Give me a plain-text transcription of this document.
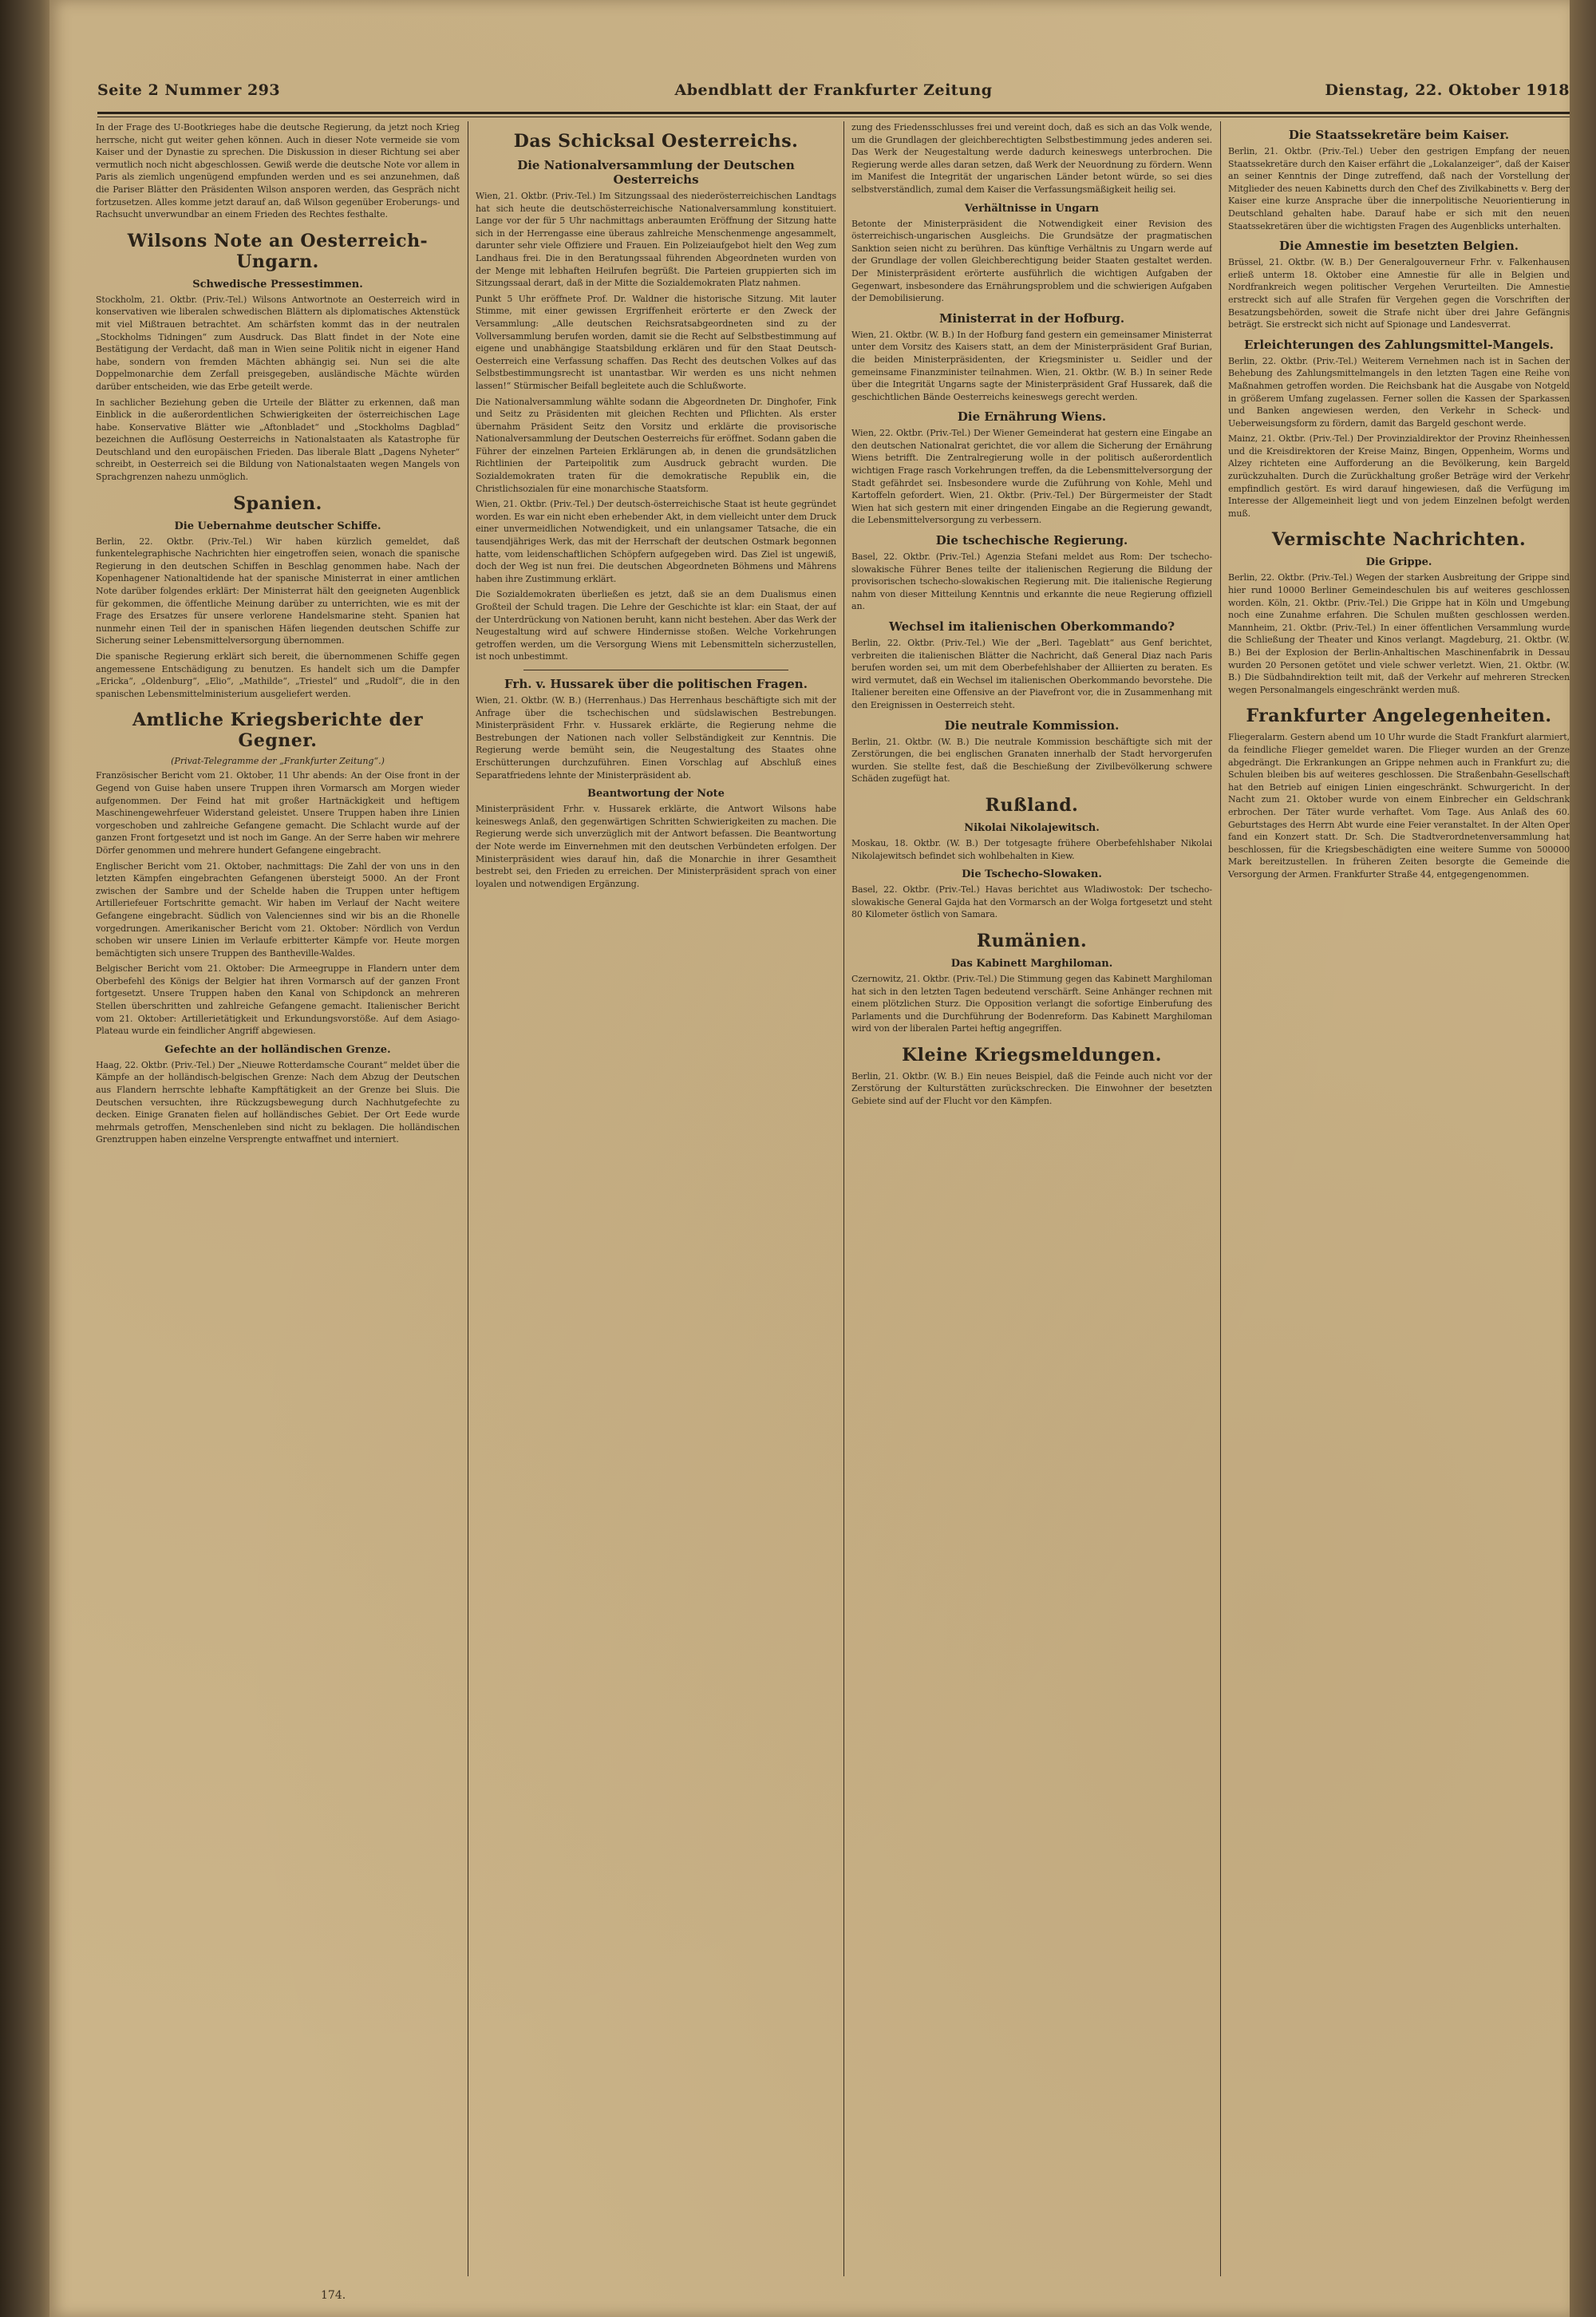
Seite 2 Nummer 293	Abendblatt der Frankfurter Zeitung	Dienstag, 22. Oktober 1918

In der Frage des U-Bootkrieges habe die deutsche Regierung, da jetzt noch Krieg herrsche, nicht gut weiter gehen können. Auch in dieser Note vermeide sie vom Kaiser und der Dynastie zu sprechen. Die Diskussion in dieser Richtung sei aber vermutlich noch nicht abgeschlossen. Gewiß werde die deutsche Note vor allem in Paris als ziemlich ungenügend empfunden werden und es sei anzunehmen, daß die Pariser Blätter den Präsidenten Wilson ansporen werden, das Gespräch nicht fortzusetzen. Alles komme jetzt darauf an, daß Wilson gegenüber Eroberungs- und Rachsucht unverwundbar an einem Frieden des Rechtes festhalte.

Wilsons Note an Oesterreich-Ungarn.
Schwedische Pressestimmen.

Stockholm, 21. Oktbr. (Priv.-Tel.) Wilsons Antwortnote an Oesterreich wird in konservativen wie liberalen schwedischen Blättern als diplomatisches Aktenstück mit viel Mißtrauen betrachtet. Am schärfsten kommt das in der neutralen „Stockholms Tidningen“ zum Ausdruck. Das Blatt findet in der Note eine Bestätigung der Verdacht, daß man in Wien seine Politik nicht in eigener Hand habe, sondern von fremden Mächten abhängig sei. Nun sei die alte Doppelmonarchie dem Zerfall preisgegeben, ausländische Mächte würden darüber entscheiden, wie das Erbe geteilt werde.

In sachlicher Beziehung geben die Urteile der Blätter zu erkennen, daß man Einblick in die außerordentlichen Schwierigkeiten der österreichischen Lage habe. Konservative Blätter wie „Aftonbladet“ und „Stockholms Dagblad“ bezeichnen die Auflösung Oesterreichs in Nationalstaaten als Katastrophe für Deutschland und den europäischen Frieden. Das liberale Blatt „Dagens Nyheter“ schreibt, in Oesterreich sei die Bildung von Nationalstaaten wegen Mangels von Sprachgrenzen nahezu unmöglich.

Spanien.
Die Uebernahme deutscher Schiffe.

Berlin, 22. Oktbr. (Priv.-Tel.) Wir haben kürzlich gemeldet, daß funkentelegraphische Nachrichten hier eingetroffen seien, wonach die spanische Regierung in den deutschen Schiffen in Beschlag genommen habe. Nach der Kopenhagener Nationaltidende hat der spanische Ministerrat in einer amtlichen Note darüber folgendes erklärt: Der Ministerrat hält den geeigneten Augenblick für gekommen, die öffentliche Meinung darüber zu unterrichten, wie es mit der Frage des Ersatzes für unsere verlorene Handelsmarine steht. Spanien hat nunmehr einen Teil der in spanischen Häfen liegenden deutschen Schiffe zur Sicherung seiner Lebensmittelversorgung übernommen.

Die spanische Regierung erklärt sich bereit, die übernommenen Schiffe gegen angemessene Entschädigung zu benutzen. Es handelt sich um die Dampfer „Ericka“, „Oldenburg“, „Elio“, „Mathilde“, „Triestel“ und „Rudolf“, die in den spanischen Lebensmittelministerium ausgeliefert werden.

Amtliche Kriegsberichte der Gegner.
(Privat-Telegramme der „Frankfurter Zeitung“.)

Französischer Bericht vom 21. Oktober, 11 Uhr abends: An der Oise front in der Gegend von Guise haben unsere Truppen ihren Vormarsch am Morgen wieder aufgenommen. Der Feind hat mit großer Hartnäckigkeit und heftigem Maschinengewehrfeuer Widerstand geleistet. Unsere Truppen haben ihre Linien vorgeschoben und zahlreiche Gefangene gemacht. Die Schlacht wurde auf der ganzen Front fortgesetzt und ist noch im Gange. An der Serre haben wir mehrere Dörfer genommen und mehrere hundert Gefangene eingebracht.

Englischer Bericht vom 21. Oktober, nachmittags: Die Zahl der von uns in den letzten Kämpfen eingebrachten Gefangenen übersteigt 5000. An der Front zwischen der Sambre und der Schelde haben die Truppen unter heftigem Artilleriefeuer Fortschritte gemacht. Wir haben im Verlauf der Nacht weitere Gefangene eingebracht. Südlich von Valenciennes sind wir bis an die Rhonelle vorgedrungen. Amerikanischer Bericht vom 21. Oktober: Nördlich von Verdun schoben wir unsere Linien im Verlaufe erbitterter Kämpfe vor. Heute morgen bemächtigten sich unsere Truppen des Bantheville-Waldes.

Belgischer Bericht vom 21. Oktober: Die Armeegruppe in Flandern unter dem Oberbefehl des Königs der Belgier hat ihren Vormarsch auf der ganzen Front fortgesetzt. Unsere Truppen haben den Kanal von Schipdonck an mehreren Stellen überschritten und zahlreiche Gefangene gemacht. Italienischer Bericht vom 21. Oktober: Artillerietätigkeit und Erkundungsvorstöße. Auf dem Asiago-Plateau wurde ein feindlicher Angriff abgewiesen.

Gefechte an der holländischen Grenze.

Haag, 22. Oktbr. (Priv.-Tel.) Der „Nieuwe Rotterdamsche Courant“ meldet über die Kämpfe an der holländisch-belgischen Grenze: Nach dem Abzug der Deutschen aus Flandern herrschte lebhafte Kampftätigkeit an der Grenze bei Sluis. Die Deutschen versuchten, ihre Rückzugsbewegung durch Nachhutgefechte zu decken. Einige Granaten fielen auf holländisches Gebiet. Der Ort Eede wurde mehrmals getroffen, Menschenleben sind nicht zu beklagen. Die holländischen Grenztruppen haben einzelne Versprengte entwaffnet und interniert.

Das Schicksal Oesterreichs.
Die Nationalversammlung der Deutschen Oesterreichs

Wien, 21. Oktbr. (Priv.-Tel.) Im Sitzungssaal des niederösterreichischen Landtags hat sich heute die deutschösterreichische Nationalversammlung konstituiert. Lange vor der für 5 Uhr nachmittags anberaumten Eröffnung der Sitzung hatte sich in der Herrengasse eine überaus zahlreiche Menschenmenge angesammelt, darunter sehr viele Offiziere und Frauen. Ein Polizeiaufgebot hielt den Weg zum Landhaus frei. Die in den Beratungssaal führenden Abgeordneten wurden von der Menge mit lebhaften Heilrufen begrüßt. Die Parteien gruppierten sich im Sitzungssaal derart, daß in der Mitte die Sozialdemokraten Platz nahmen.

Punkt 5 Uhr eröffnete Prof. Dr. Waldner die historische Sitzung. Mit lauter Stimme, mit einer gewissen Ergriffenheit erörterte er den Zweck der Versammlung: „Alle deutschen Reichsratsabgeordneten sind zu der Vollversammlung berufen worden, damit sie die Recht auf Selbstbestimmung auf eigene und unabhängige Staatsbildung erklären und für den Staat Deutsch-Oesterreich eine Verfassung schaffen. Das Recht des deutschen Volkes auf das Selbstbestimmungsrecht ist unantastbar. Wir werden es uns nicht nehmen lassen!“ Stürmischer Beifall begleitete auch die Schlußworte.

Die Nationalversammlung wählte sodann die Abgeordneten Dr. Dinghofer, Fink und Seitz zu Präsidenten mit gleichen Rechten und Pflichten. Als erster übernahm Präsident Seitz den Vorsitz und erklärte die provisorische Nationalversammlung der Deutschen Oesterreichs für eröffnet. Sodann gaben die Führer der einzelnen Parteien Erklärungen ab, in denen die grundsätzlichen Richtlinien der Parteipolitik zum Ausdruck gebracht wurden. Die Sozialdemokraten traten für die demokratische Republik ein, die Christlichsozialen für eine monarchische Staatsform.

Wien, 21. Oktbr. (Priv.-Tel.) Der deutsch-österreichische Staat ist heute gegründet worden. Es war ein nicht eben erhebender Akt, in dem vielleicht unter dem Druck einer unvermeidlichen Notwendigkeit, und ein unlangsamer Tatsache, die ein tausendjähriges Werk, das mit der Herrschaft der deutschen Ostmark begonnen hatte, vom leidenschaftlichen Schöpfern aufgegeben wird. Das Ziel ist ungewiß, doch der Weg ist nun frei. Die deutschen Abgeordneten Böhmens und Mährens haben ihre Zustimmung erklärt.

Die Sozialdemokraten überließen es jetzt, daß sie an dem Dualismus einen Großteil der Schuld tragen. Die Lehre der Geschichte ist klar: ein Staat, der auf der Unterdrückung von Nationen beruht, kann nicht bestehen. Aber das Werk der Neugestaltung wird auf schwere Hindernisse stoßen. Welche Vorkehrungen getroffen werden, um die Versorgung Wiens mit Lebensmitteln sicherzustellen, ist noch unbestimmt.

Frh. v. Hussarek über die politischen Fragen.

Wien, 21. Oktbr. (W. B.) (Herrenhaus.) Das Herrenhaus beschäftigte sich mit der Anfrage über die tschechischen und südslawischen Bestrebungen. Ministerpräsident Frhr. v. Hussarek erklärte, die Regierung nehme die Bestrebungen der Nationen nach voller Selbständigkeit zur Kenntnis. Die Regierung werde bemüht sein, die Neugestaltung des Staates ohne Erschütterungen durchzuführen. Einen Vorschlag auf Abschluß eines Separatfriedens lehnte der Ministerpräsident ab.

Beantwortung der Note

Ministerpräsident Frhr. v. Hussarek erklärte, die Antwort Wilsons habe keineswegs Anlaß, den gegenwärtigen Schritten Schwierigkeiten zu machen. Die Regierung werde sich unverzüglich mit der Antwort befassen. Die Beantwortung der Note werde im Einvernehmen mit den deutschen Verbündeten erfolgen. Der Ministerpräsident wies darauf hin, daß die Monarchie in ihrer Gesamtheit bestrebt sei, den Frieden zu erreichen. Der Ministerpräsident sprach von einer loyalen und notwendigen Ergänzung.

zung des Friedensschlusses frei und vereint doch, daß es sich an das Volk wende, um die Grundlagen der gleichberechtigten Selbstbestimmung jedes anderen sei. Das Werk der Neugestaltung werde dadurch keineswegs unterbrochen. Die Regierung werde alles daran setzen, daß Werk der Neuordnung zu fördern. Wenn im Manifest die Integrität der ungarischen Länder betont würde, so sei dies selbstverständlich, zumal dem Kaiser die Verfassungsmäßigkeit heilig sei.

Verhältnisse in Ungarn

Betonte der Ministerpräsident die Notwendigkeit einer Revision des österreichisch-ungarischen Ausgleichs. Die Grundsätze der pragmatischen Sanktion seien nicht zu berühren. Das künftige Verhältnis zu Ungarn werde auf der Grundlage der vollen Gleichberechtigung beider Staaten gestaltet werden. Der Ministerpräsident erörterte ausführlich die wichtigen Aufgaben der Gegenwart, insbesondere das Ernährungsproblem und die schwierigen Aufgaben der Demobilisierung.

Ministerrat in der Hofburg.

Wien, 21. Oktbr. (W. B.) In der Hofburg fand gestern ein gemeinsamer Ministerrat unter dem Vorsitz des Kaisers statt, an dem der Ministerpräsident Graf Burian, die beiden Ministerpräsidenten, der Kriegsminister u. Seidler und der gemeinsame Finanzminister teilnahmen. Wien, 21. Oktbr. (W. B.) In seiner Rede über die Integrität Ungarns sagte der Ministerpräsident Graf Hussarek, daß die geschichtlichen Bände Oesterreichs keineswegs gerecht werden.

Die Ernährung Wiens.

Wien, 22. Oktbr. (Priv.-Tel.) Der Wiener Gemeinderat hat gestern eine Eingabe an den deutschen Nationalrat gerichtet, die vor allem die Sicherung der Ernährung Wiens betrifft. Die Zentralregierung wolle in der politisch außerordentlich wichtigen Frage rasch Vorkehrungen treffen, da die Lebensmittelversorgung der Stadt gefährdet sei. Insbesondere wurde die Zuführung von Kohle, Mehl und Kartoffeln gefordert. Wien, 21. Oktbr. (Priv.-Tel.) Der Bürgermeister der Stadt Wien hat sich gestern mit einer dringenden Eingabe an die Regierung gewandt, die Lebensmittelversorgung zu verbessern.

Die tschechische Regierung.

Basel, 22. Oktbr. (Priv.-Tel.) Agenzia Stefani meldet aus Rom: Der tschecho-slowakische Führer Benes teilte der italienischen Regierung die Bildung der provisorischen tschecho-slowakischen Regierung mit. Die italienische Regierung nahm von dieser Mitteilung Kenntnis und erkannte die neue Regierung offiziell an.

Wechsel im italienischen Oberkommando?

Berlin, 22. Oktbr. (Priv.-Tel.) Wie der „Berl. Tageblatt“ aus Genf berichtet, verbreiten die italienischen Blätter die Nachricht, daß General Diaz nach Paris berufen worden sei, um mit dem Oberbefehlshaber der Alliierten zu beraten. Es wird vermutet, daß ein Wechsel im italienischen Oberkommando bevorstehe. Die Italiener bereiten eine Offensive an der Piavefront vor, die in Zusammenhang mit den Ereignissen in Oesterreich steht.

Die neutrale Kommission.

Berlin, 21. Oktbr. (W. B.) Die neutrale Kommission beschäftigte sich mit der Zerstörungen, die bei englischen Granaten innerhalb der Stadt hervorgerufen wurden. Sie stellte fest, daß die Beschießung der Zivilbevölkerung schwere Schäden zugefügt hat.

Rußland.
Nikolai Nikolajewitsch.

Moskau, 18. Oktbr. (W. B.) Der totgesagte frühere Oberbefehlshaber Nikolai Nikolajewitsch befindet sich wohlbehalten in Kiew.

Die Tschecho-Slowaken.

Basel, 22. Oktbr. (Priv.-Tel.) Havas berichtet aus Wladiwostok: Der tschecho-slowakische General Gajda hat den Vormarsch an der Wolga fortgesetzt und steht 80 Kilometer östlich von Samara.

Rumänien.
Das Kabinett Marghiloman.

Czernowitz, 21. Oktbr. (Priv.-Tel.) Die Stimmung gegen das Kabinett Marghiloman hat sich in den letzten Tagen bedeutend verschärft. Seine Anhänger rechnen mit einem plötzlichen Sturz. Die Opposition verlangt die sofortige Einberufung des Parlaments und die Durchführung der Bodenreform. Das Kabinett Marghiloman wird von der liberalen Partei heftig angegriffen.

Kleine Kriegsmeldungen.

Berlin, 21. Oktbr. (W. B.) Ein neues Beispiel, daß die Feinde auch nicht vor der Zerstörung der Kulturstätten zurückschrecken. Die Einwohner der besetzten Gebiete sind auf der Flucht vor den Kämpfen.

Die Staatssekretäre beim Kaiser.

Berlin, 21. Oktbr. (Priv.-Tel.) Ueber den gestrigen Empfang der neuen Staatssekretäre durch den Kaiser erfährt die „Lokalanzeiger“, daß der Kaiser an seiner Kenntnis der Dinge zutreffend, daß nach der Vorstellung der Mitglieder des neuen Kabinetts durch den Chef des Zivilkabinetts v. Berg der Kaiser eine kurze Ansprache über die innerpolitische Neuorientierung in Deutschland gehalten habe. Darauf habe er sich mit den neuen Staatssekretären über die wichtigsten Fragen des Augenblicks unterhalten.

Die Amnestie im besetzten Belgien.

Brüssel, 21. Oktbr. (W. B.) Der Generalgouverneur Frhr. v. Falkenhausen erließ unterm 18. Oktober eine Amnestie für alle in Belgien und Nordfrankreich wegen politischer Vergehen Verurteilten. Die Amnestie erstreckt sich auf alle Strafen für Vergehen gegen die Vorschriften der Besatzungsbehörden, soweit die Strafe nicht über drei Jahre Gefängnis beträgt. Sie erstreckt sich nicht auf Spionage und Landesverrat.

Erleichterungen des Zahlungsmittel-Mangels.

Berlin, 22. Oktbr. (Priv.-Tel.) Weiterem Vernehmen nach ist in Sachen der Behebung des Zahlungsmittelmangels in den letzten Tagen eine Reihe von Maßnahmen getroffen worden. Die Reichsbank hat die Ausgabe von Notgeld in größerem Umfang zugelassen. Ferner sollen die Kassen der Sparkassen und Banken angewiesen werden, den Verkehr in Scheck- und Ueberweisungsform zu fördern, damit das Bargeld geschont werde.

Mainz, 21. Oktbr. (Priv.-Tel.) Der Provinzialdirektor der Provinz Rheinhessen und die Kreisdirektoren der Kreise Mainz, Bingen, Oppenheim, Worms und Alzey richteten eine Aufforderung an die Bevölkerung, kein Bargeld zurückzuhalten. Durch die Zurückhaltung großer Beträge wird der Verkehr empfindlich gestört. Es wird darauf hingewiesen, daß die Verfügung im Interesse der Allgemeinheit liegt und von jedem Einzelnen befolgt werden muß.

Vermischte Nachrichten.
Die Grippe.

Berlin, 22. Oktbr. (Priv.-Tel.) Wegen der starken Ausbreitung der Grippe sind hier rund 10000 Berliner Gemeindeschulen bis auf weiteres geschlossen worden. Köln, 21. Oktbr. (Priv.-Tel.) Die Grippe hat in Köln und Umgebung noch eine Zunahme erfahren. Die Schulen mußten geschlossen werden. Mannheim, 21. Oktbr. (Priv.-Tel.) In einer öffentlichen Versammlung wurde die Schließung der Theater und Kinos verlangt. Magdeburg, 21. Oktbr. (W. B.) Bei der Explosion der Berlin-Anhaltischen Maschinenfabrik in Dessau wurden 20 Personen getötet und viele schwer verletzt. Wien, 21. Oktbr. (W. B.) Die Südbahndirektion teilt mit, daß der Verkehr auf mehreren Strecken wegen Personalmangels eingeschränkt werden muß.

Frankfurter Angelegenheiten.

Fliegeralarm. Gestern abend um 10 Uhr wurde die Stadt Frankfurt alarmiert, da feindliche Flieger gemeldet waren. Die Flieger wurden an der Grenze abgedrängt. Die Erkrankungen an Grippe nehmen auch in Frankfurt zu; die Schulen bleiben bis auf weiteres geschlossen. Die Straßenbahn-Gesellschaft hat den Betrieb auf einigen Linien eingeschränkt. Schwurgericht. In der Nacht zum 21. Oktober wurde von einem Einbrecher ein Geldschrank erbrochen. Der Täter wurde verhaftet. Vom Tage. Aus Anlaß des 60. Geburtstages des Herrn Abt wurde eine Feier veranstaltet. In der Alten Oper fand ein Konzert statt. Dr. Sch. Die Stadtverordnetenversammlung hat beschlossen, für die Kriegsbeschädigten eine weitere Summe von 500000 Mark bereitzustellen. In früheren Zeiten besorgte die Gemeinde die Versorgung der Armen. Frankfurter Straße 44, entgegengenommen.

174.
